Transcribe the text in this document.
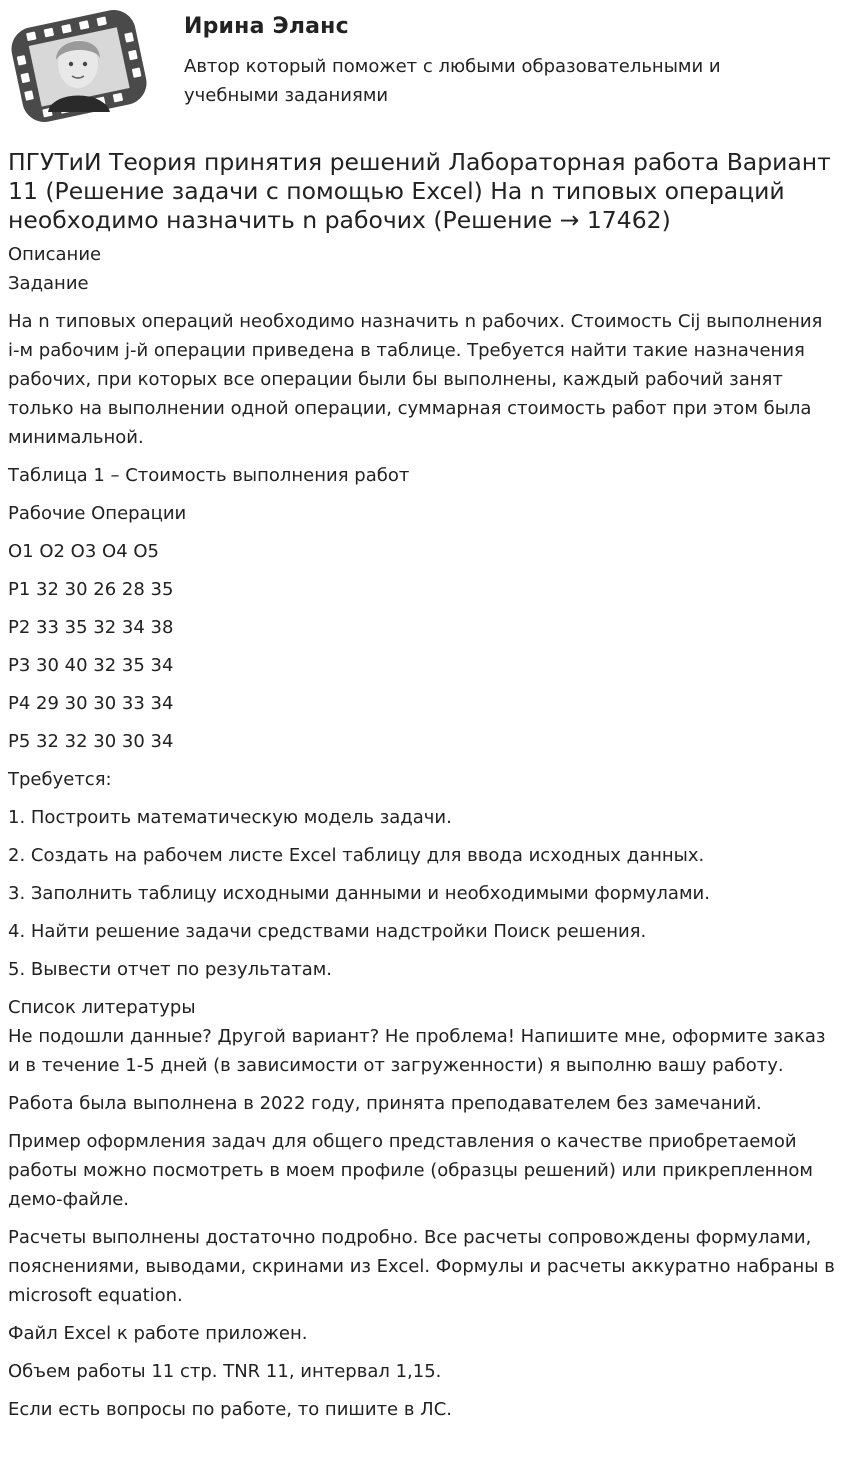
Ирина Эланс
Автор который поможет с любыми образовательными и учебными заданиями
ПГУТиИ Теория принятия решений Лабораторная работа Вариант 11 (Решение задачи с помощью Excel) На n типовых операций необходимо назначить n рабочих (Решение → 17462)
Описание
Задание

На n типовых операций необходимо назначить n рабочих. Стоимость Cij выполнения i-м рабочим j-й операции приведена в таблице. Требуется найти такие назначения рабочих, при которых все операции были бы выполнены, каждый рабочий занят только на выполнении одной операции, суммарная стоимость работ при этом была минимальной.

Таблица 1 – Стоимость выполнения работ

Рабочие Операции

О1 О2 О3 О4 О5

Р1 32 30 26 28 35

Р2 33 35 32 34 38

Р3 30 40 32 35 34

Р4 29 30 30 33 34

Р5 32 32 30 30 34

Требуется:

1. Построить математическую модель задачи.

2. Создать на рабочем листе Excel таблицу для ввода исходных данных.

3. Заполнить таблицу исходными данными и необходимыми формулами.

4. Найти решение задачи средствами надстройки Поиск решения.

5. Вывести отчет по результатам.

Список литературы

Не подошли данные? Другой вариант? Не проблема! Напишите мне, оформите заказ и в течение 1-5 дней (в зависимости от загруженности) я выполню вашу работу.

Работа была выполнена в 2022 году, принята преподавателем без замечаний.

Пример оформления задач для общего представления о качестве приобретаемой работы можно посмотреть в моем профиле (образцы решений) или прикрепленном демо-файле.

Расчеты выполнены достаточно подробно. Все расчеты сопровождены формулами, пояснениями, выводами, скринами из Excel. Формулы и расчеты аккуратно набраны в microsoft equation.

Файл Excel к работе приложен.

Объем работы 11 стр. TNR 11, интервал 1,15.

Если есть вопросы по работе, то пишите в ЛС.
